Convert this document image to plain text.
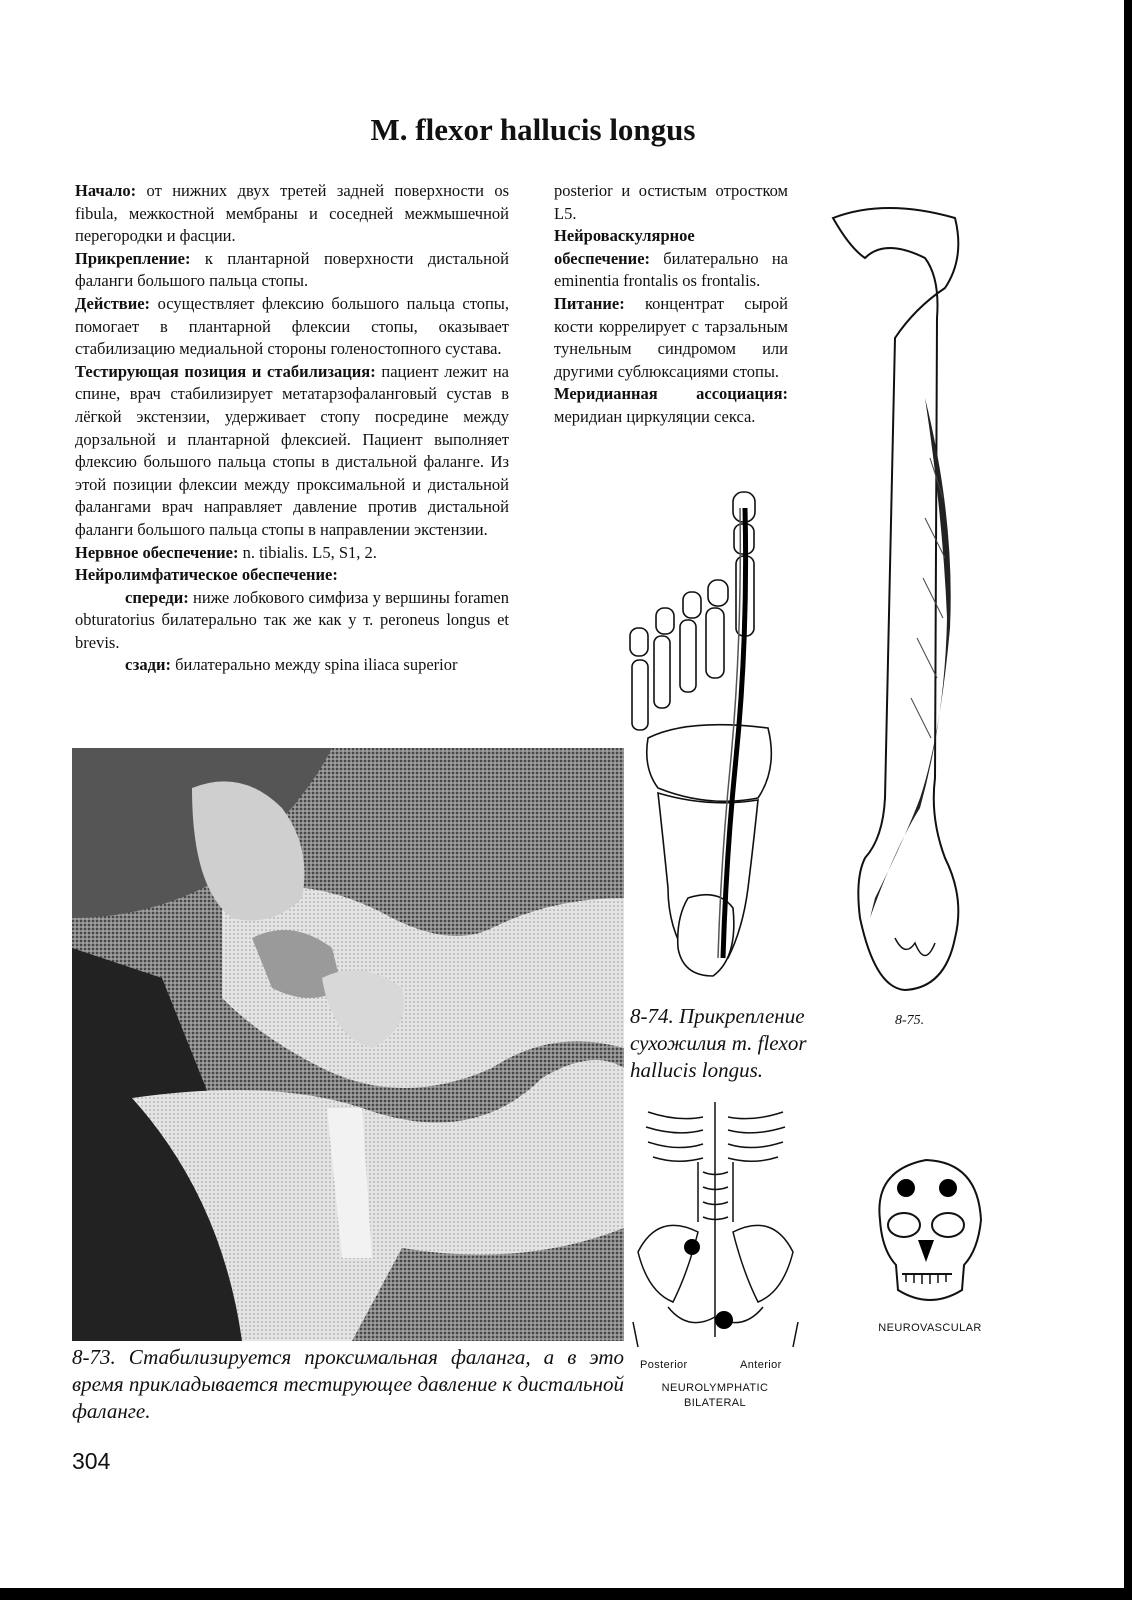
M. flexor hallucis longus

Начало: от нижних двух третей задней поверхности os fibula, межкостной мембраны и соседней межмышечной перегородки и фасции.

Прикрепление: к плантарной поверхности дистальной фаланги большого пальца стопы.

Действие: осуществляет флексию большого пальца стопы, помогает в плантарной флексии стопы, оказывает стабилизацию медиальной стороны голеностопного сустава.

Тестирующая позиция и стабилизация: пациент лежит на спине, врач стабилизирует метатарзофаланговый сустав в лёгкой экстензии, удерживает стопу посредине между дорзальной и плантарной флексией. Пациент выполняет флексию большого пальца стопы в дистальной фаланге. Из этой позиции флексии между проксимальной и дистальной фалангами врач направляет давление против дистальной фаланги большого пальца стопы в направлении экстензии.

Нервное обеспечение: n. tibialis. L5, S1, 2.

Нейролимфатическое обеспечение:

спереди: ниже лобкового симфиза у вершины foramen obturatorius билатерально так же как у т. peroneus longus et brevis.

сзади: билатерально между spina iliaca superior

posterior и остистым отростком L5.

Нейроваскулярное обеспечение: билатерально на eminentia frontalis os frontalis.

Питание: концентрат сырой кости коррелирует с тарзальным тунельным синдромом или другими сублюксациями стопы.

Меридианная ассоциация: меридиан циркуляции секса.

Posterior	Anterior
NEUROLYMPHATIC
BILATERAL
NEUROVASCULAR
8-73. Стабилизируется проксимальная фаланга, а в это время прикладывается тестирующее давление к дистальной фаланге.
8-74. Прикрепление сухожилия т. flexor hallucis longus.
8-75.
304
